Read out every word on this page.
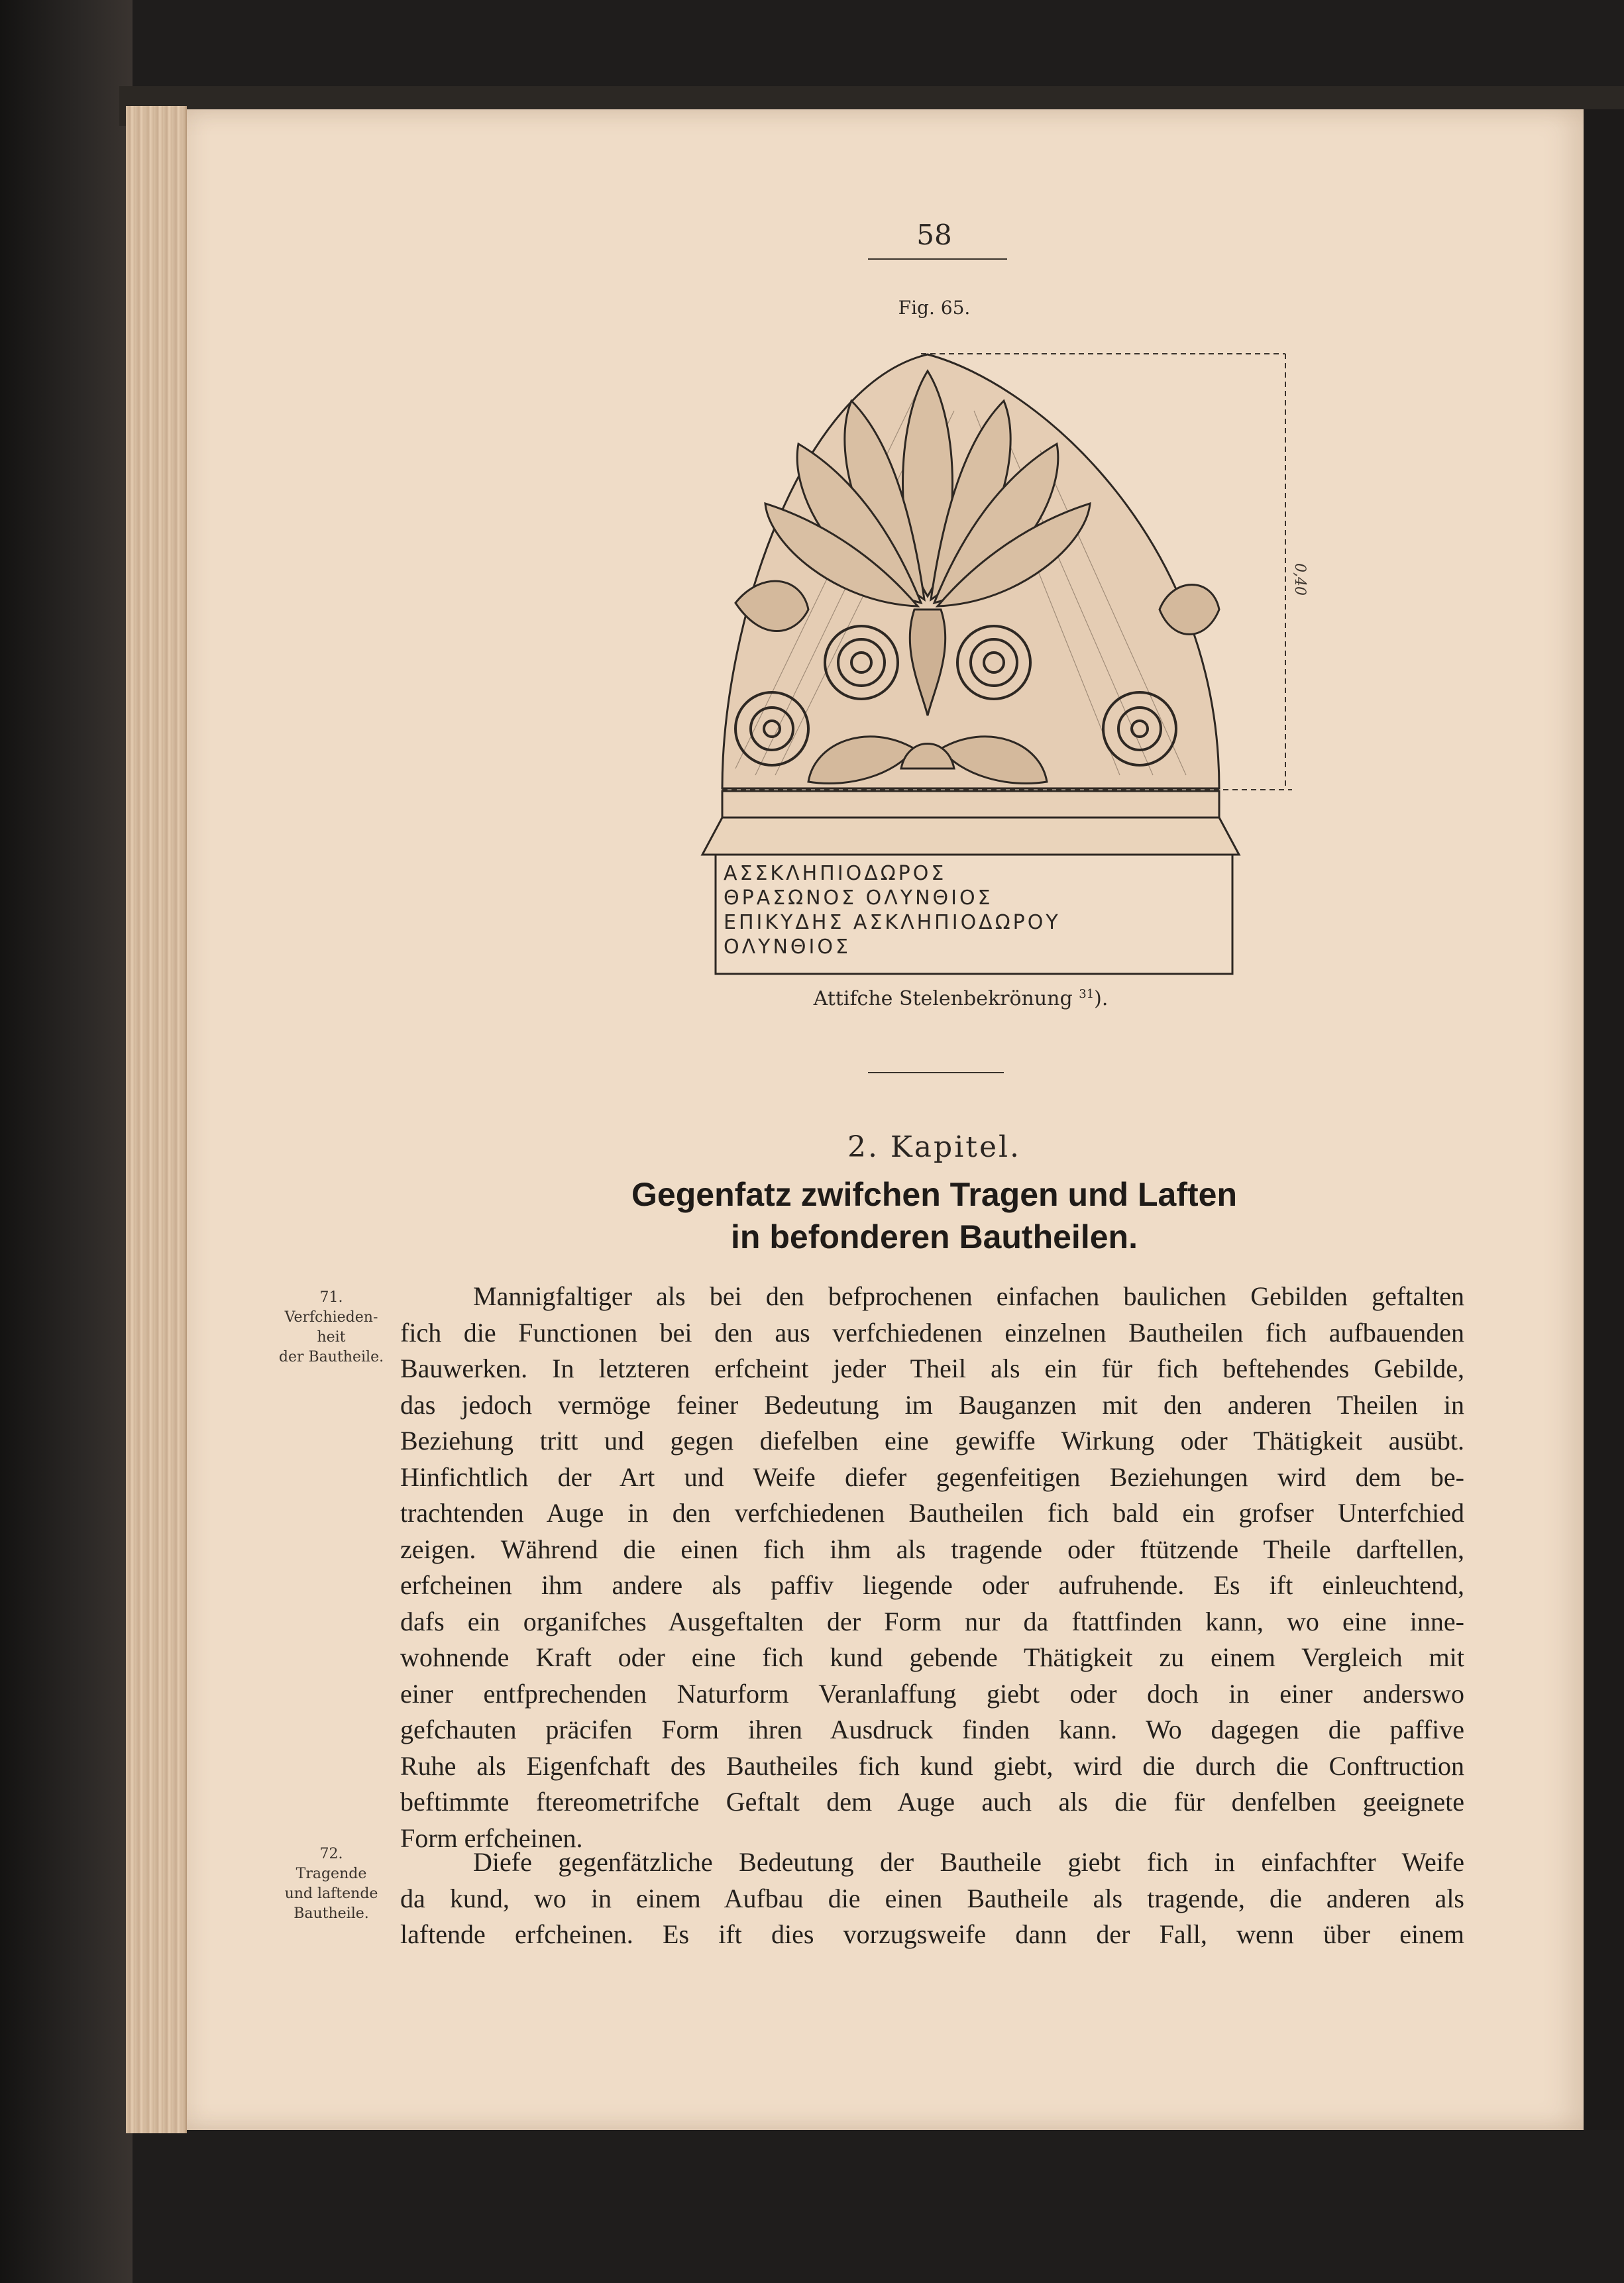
58
Fig. 65.
0,40
ΑΣΣΚΛΗΠΙΟΔΩΡΟΣ
ΘΡΑΣΩΝΟΣ ΟΛΥΝΘΙΟΣ
ΕΠΙΚΥΔΗΣ ΑΣΚΛΗΠΙΟΔΩΡΟΥ
ΟΛΥΝΘΙΟΣ
Attifche Stelenbekrönung $^{31}$).
2. Kapitel.
Gegenfatz zwifchen Tragen und Laften
in befonderen Bautheilen.
71.
Verfchieden-
heit
der Bautheile.
Mannigfaltiger als bei den befprochenen einfachen baulichen Gebilden geftalten
fich die Functionen bei den aus verfchiedenen einzelnen Bautheilen fich aufbauenden
Bauwerken. In letzteren erfcheint jeder Theil als ein für fich beftehendes Gebilde,
das jedoch vermöge feiner Bedeutung im Bauganzen mit den anderen Theilen in
Beziehung tritt und gegen diefelben eine gewiffe Wirkung oder Thätigkeit ausübt.
Hinfichtlich der Art und Weife diefer gegenfeitigen Beziehungen wird dem be-
trachtenden Auge in den verfchiedenen Bautheilen fich bald ein grofser Unterfchied
zeigen. Während die einen fich ihm als tragende oder ftützende Theile darftellen,
erfcheinen ihm andere als paffiv liegende oder aufruhende. Es ift einleuchtend,
dafs ein organifches Ausgeftalten der Form nur da ftattfinden kann, wo eine inne-
wohnende Kraft oder eine fich kund gebende Thätigkeit zu einem Vergleich mit
einer entfprechenden Naturform Veranlaffung giebt oder doch in einer anderswo
gefchauten präcifen Form ihren Ausdruck finden kann. Wo dagegen die paffive
Ruhe als Eigenfchaft des Bautheiles fich kund giebt, wird die durch die Conftruction
beftimmte ftereometrifche Geftalt dem Auge auch als die für denfelben geeignete
Form erfcheinen.
72.
Tragende
und laftende
Bautheile.
Diefe gegenfätzliche Bedeutung der Bautheile giebt fich in einfachfter Weife
da kund, wo in einem Aufbau die einen Bautheile als tragende, die anderen als
laftende erfcheinen. Es ift dies vorzugsweife dann der Fall, wenn über einem
